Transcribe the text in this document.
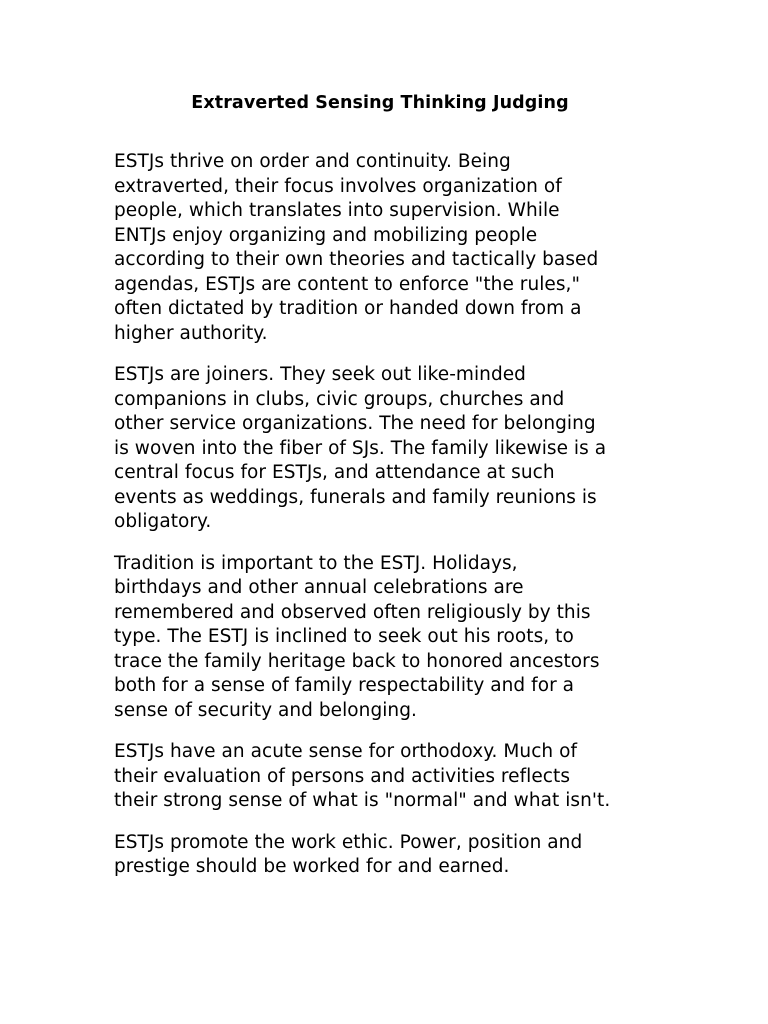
Extraverted Sensing Thinking Judging

ESTJs thrive on order and continuity. Being
extraverted, their focus involves organization of
people, which translates into supervision. While
ENTJs enjoy organizing and mobilizing people
according to their own theories and tactically based
agendas, ESTJs are content to enforce "the rules,"
often dictated by tradition or handed down from a
higher authority.

ESTJs are joiners. They seek out like-minded
companions in clubs, civic groups, churches and
other service organizations. The need for belonging
is woven into the fiber of SJs. The family likewise is a
central focus for ESTJs, and attendance at such
events as weddings, funerals and family reunions is
obligatory.

Tradition is important to the ESTJ. Holidays,
birthdays and other annual celebrations are
remembered and observed often religiously by this
type. The ESTJ is inclined to seek out his roots, to
trace the family heritage back to honored ancestors
both for a sense of family respectability and for a
sense of security and belonging.

ESTJs have an acute sense for orthodoxy. Much of
their evaluation of persons and activities reflects
their strong sense of what is "normal" and what isn't.

ESTJs promote the work ethic. Power, position and
prestige should be worked for and earned.
